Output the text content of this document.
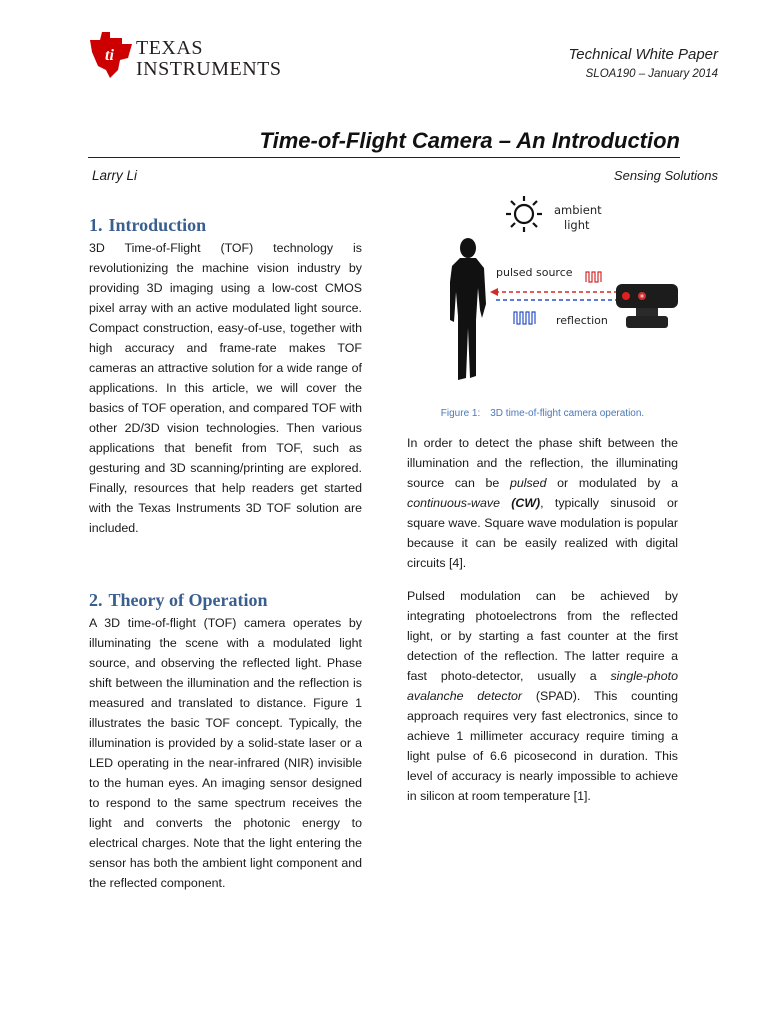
ti TEXAS
INSTRUMENTS
Technical White Paper
SLOA190 – January 2014
Time-of-Flight Camera – An Introduction
Larry Li	Sensing Solutions
1. Introduction

3D Time-of-Flight (TOF) technology is revolutionizing the machine vision industry by providing 3D imaging using a low-cost CMOS pixel array with an active modulated light source. Compact construction, easy-of-use, together with high accuracy and frame-rate makes TOF cameras an attractive solution for a wide range of applications. In this article, we will cover the basics of TOF operation, and compared TOF with other 2D/3D vision technologies. Then various applications that benefit from TOF, such as gesturing and 3D scanning/printing are explored. Finally, resources that help readers get started with the Texas Instruments 3D TOF solution are included.

2. Theory of Operation

A 3D time-of-flight (TOF) camera operates by illuminating the scene with a modulated light source, and observing the reflected light. Phase shift between the illumination and the reflection is measured and translated to distance. Figure 1 illustrates the basic TOF concept. Typically, the illumination is provided by a solid-state laser or a LED operating in the near-infrared (NIR) invisible to the human eyes. An imaging sensor designed to respond to the same spectrum receives the light and converts the photonic energy to electrical charges. Note that the light entering the sensor has both the ambient light component and the reflected component.

ambient
light
pulsed source
reflection
Figure 1: 3D time-of-flight camera operation.

In order to detect the phase shift between the illumination and the reflection, the illuminating source can be pulsed or modulated by a continuous-wave (CW), typically sinusoid or square wave. Square wave modulation is popular because it can be easily realized with digital circuits [4].

Pulsed modulation can be achieved by integrating photoelectrons from the reflected light, or by starting a fast counter at the first detection of the reflection. The latter require a fast photo-detector, usually a single-photo avalanche detector (SPAD). This counting approach requires very fast electronics, since to achieve 1 millimeter accuracy require timing a light pulse of 6.6 picosecond in duration. This level of accuracy is nearly impossible to achieve in silicon at room temperature [1].
